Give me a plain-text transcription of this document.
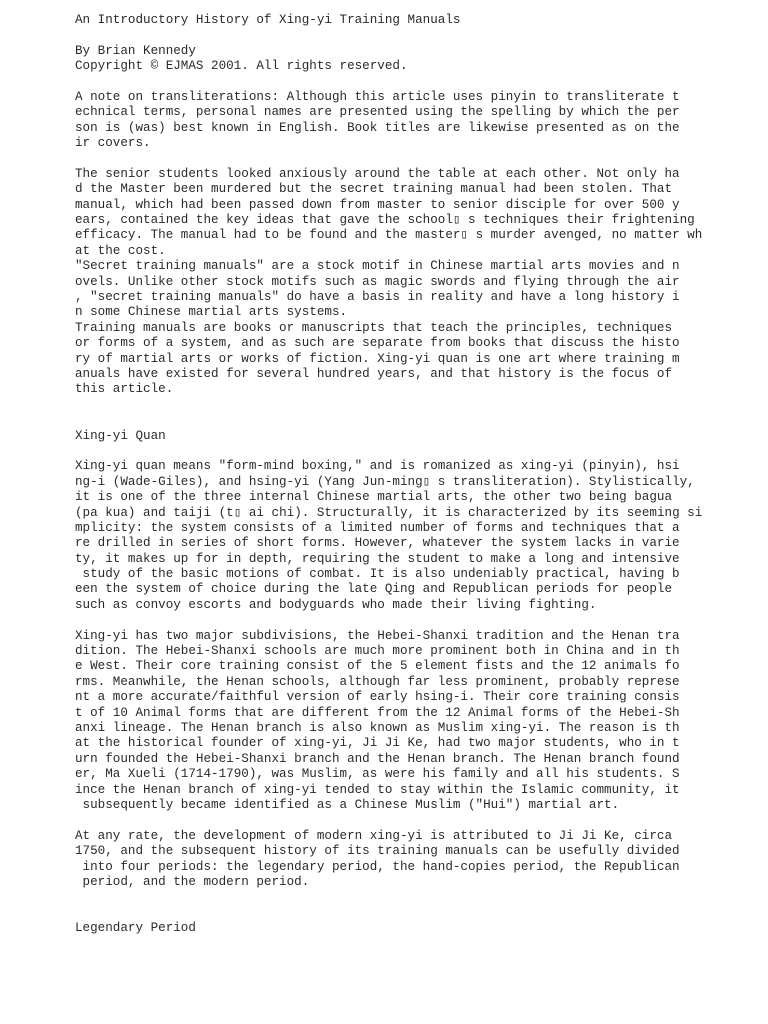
An Introductory History of Xing-yi Training Manuals
By Brian Kennedy
Copyright © EJMAS 2001. All rights reserved.
A note on transliterations: Although this article uses pinyin to transliterate t
echnical terms, personal names are presented using the spelling by which the per
son is (was) best known in English. Book titles are likewise presented as on the
ir covers.
The senior students looked anxiously around the table at each other. Not only ha
d the Master been murdered but the secret training manual had been stolen. That
manual, which had been passed down from master to senior disciple for over 500 y
ears, contained the key ideas that gave the school▯ s techniques their frightening
efficacy. The manual had to be found and the master▯ s murder avenged, no matter wh
at the cost.
"Secret training manuals" are a stock motif in Chinese martial arts movies and n
ovels. Unlike other stock motifs such as magic swords and flying through the air
, "secret training manuals" do have a basis in reality and have a long history i
n some Chinese martial arts systems.
Training manuals are books or manuscripts that teach the principles, techniques
or forms of a system, and as such are separate from books that discuss the histo
ry of martial arts or works of fiction. Xing-yi quan is one art where training m
anuals have existed for several hundred years, and that history is the focus of
this article.
Xing-yi Quan
Xing-yi quan means "form-mind boxing," and is romanized as xing-yi (pinyin), hsi
ng-i (Wade-Giles), and hsing-yi (Yang Jun-ming▯ s transliteration). Stylistically,
it is one of the three internal Chinese martial arts, the other two being bagua
(pa kua) and taiji (t▯ ai chi). Structurally, it is characterized by its seeming si
mplicity: the system consists of a limited number of forms and techniques that a
re drilled in series of short forms. However, whatever the system lacks in varie
ty, it makes up for in depth, requiring the student to make a long and intensive
study of the basic motions of combat. It is also undeniably practical, having b
een the system of choice during the late Qing and Republican periods for people
such as convoy escorts and bodyguards who made their living fighting.
Xing-yi has two major subdivisions, the Hebei-Shanxi tradition and the Henan tra
dition. The Hebei-Shanxi schools are much more prominent both in China and in th
e West. Their core training consist of the 5 element fists and the 12 animals fo
rms. Meanwhile, the Henan schools, although far less prominent, probably represe
nt a more accurate/faithful version of early hsing-i. Their core training consis
t of 10 Animal forms that are different from the 12 Animal forms of the Hebei-Sh
anxi lineage. The Henan branch is also known as Muslim xing-yi. The reason is th
at the historical founder of xing-yi, Ji Ji Ke, had two major students, who in t
urn founded the Hebei-Shanxi branch and the Henan branch. The Henan branch found
er, Ma Xueli (1714-1790), was Muslim, as were his family and all his students. S
ince the Henan branch of xing-yi tended to stay within the Islamic community, it
subsequently became identified as a Chinese Muslim ("Hui") martial art.
At any rate, the development of modern xing-yi is attributed to Ji Ji Ke, circa
1750, and the subsequent history of its training manuals can be usefully divided
into four periods: the legendary period, the hand-copies period, the Republican
period, and the modern period.
Legendary Period
